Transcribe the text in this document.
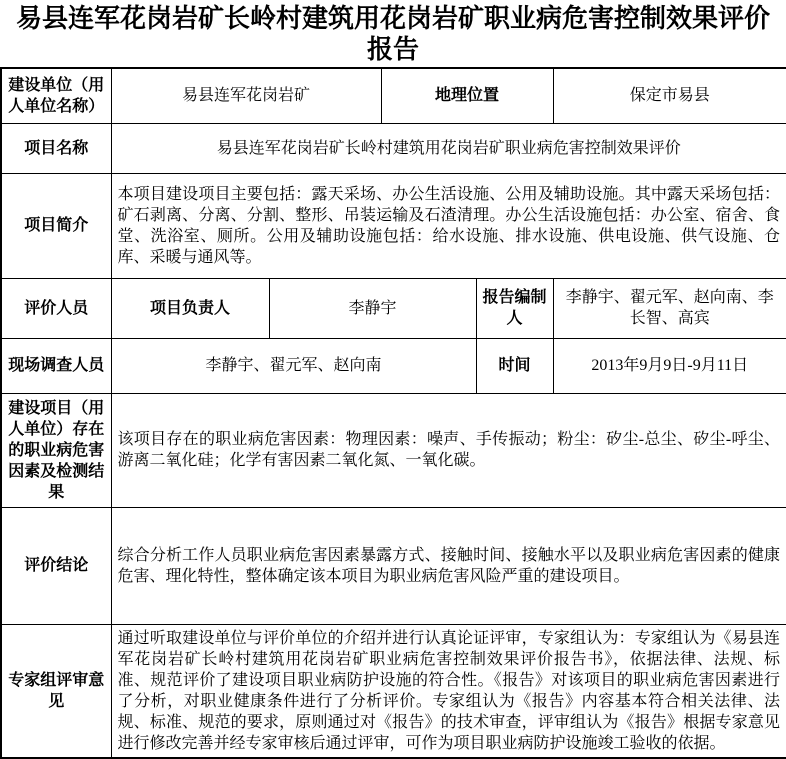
易县连军花岗岩矿长岭村建筑用花岗岩矿职业病危害控制效果评价报告
建设单位（用人单位名称）	易县连军花岗岩矿		地理位置		保定市易县
项目名称	易县连军花岗岩矿长岭村建筑用花岗岩矿职业病危害控制效果评价				
项目简介	本项目建设项目主要包括：露天采场、办公生活设施、公用及辅助设施。其中露天采场包括：矿石剥离、分离、分割、整形、吊装运输及石渣清理。办公生活设施包括：办公室、宿舍、食堂、洗浴室、厕所。公用及辅助设施包括：给水设施、排水设施、供电设施、供气设施、仓库、采暖与通风等。				
评价人员	项目负责人	李静宇		报告编制人	李静宇、翟元军、赵向南、李长智、高宾
现场调查人员	李静宇、翟元军、赵向南			时间	2013年9月9日-9月11日
建设项目（用人单位）存在的职业病危害因素及检测结果	该项目存在的职业病危害因素：物理因素：噪声、手传振动；粉尘：矽尘-总尘、矽尘-呼尘、游离二氧化硅；化学有害因素二氧化氮、一氧化碳。				
评价结论	综合分析工作人员职业病危害因素暴露方式、接触时间、接触水平以及职业病危害因素的健康危害、理化特性，整体确定该本项目为职业病危害风险严重的建设项目。				
专家组评审意见	通过听取建设单位与评价单位的介绍并进行认真论证评审，专家组认为：专家组认为《易县连军花岗岩矿长岭村建筑用花岗岩矿职业病危害控制效果评价报告书》，依据法律、法规、标准、规范评价了建设项目职业病防护设施的符合性。《报告》对该项目的职业病危害因素进行了分析，对职业健康条件进行了分析评价。专家组认为《报告》内容基本符合相关法律、法规、标准、规范的要求，原则通过对《报告》的技术审查，评审组认为《报告》根据专家意见进行修改完善并经专家审核后通过评审，可作为项目职业病防护设施竣工验收的依据。				
